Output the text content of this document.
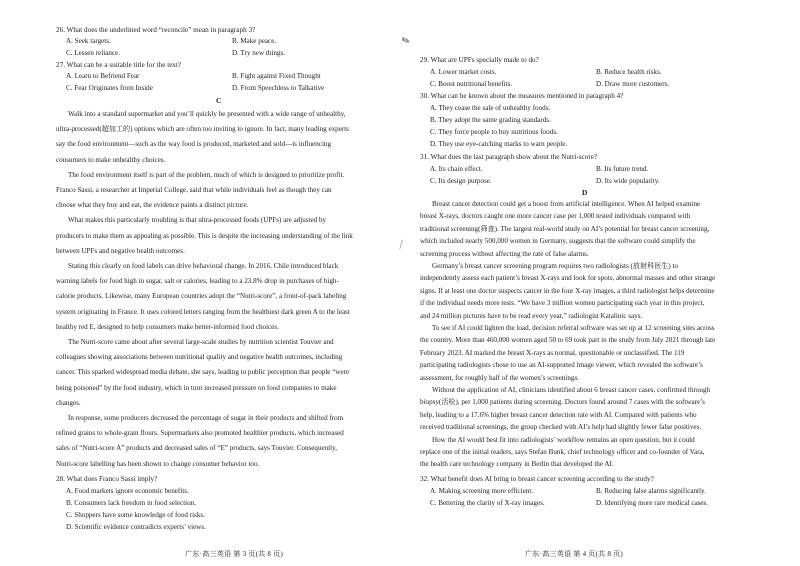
26. What does the underlined word “reconcile” mean in paragraph 3?
A. Seek targets.	B. Make peace.
C. Lessen reliance.	D. Try new things.
27. What can be a suitable title for the text?
A. Learn to Befriend Fear	B. Fight against Fixed Thought
C. Fear Originates from Inside	D. From Speechless to Talkative
C
Walk into a standard supermarket and you’ll quickly be presented with a wide range of unhealthy,
ultra-processed(超加工的) options which are often too inviting to ignore. In fact, many leading experts
say the food environment—such as the way food is produced, marketed and sold—is influencing
consumers to make unhealthy choices.
The food environment itself is part of the problem, much of which is designed to prioritize profit.
Franco Sassi, a researcher at Imperial College, said that while individuals feel as though they can
choose what they buy and eat, the evidence paints a distinct picture.
What makes this particularly troubling is that ultra-processed foods (UPFs) are adjusted by
producers to make them as appealing as possible. This is despite the increasing understanding of the link
between UPFs and negative health outcomes.
Stating this clearly on food labels can drive behavioral change. In 2016, Chile introduced black
warning labels for food high in sugar, salt or calories, leading to a 23.8% drop in purchases of high-
calorie products. Likewise, many European countries adopt the “Nutri-score”, a front-of-pack labeling
system originating in France. It uses colored letters ranging from the healthiest dark green A to the least
healthy red E, designed to help consumers make better-informed food choices.
The Nutri-score came about after several large-scale studies by nutrition scientist Touvier and
colleagues showing associations between nutritional quality and negative health outcomes, including
cancer. This sparked widespread media debate, she says, leading to public perception that people “were
being poisoned” by the food industry, which in turn increased pressure on food companies to make
changes.
In response, some producers decreased the percentage of sugar in their products and shifted from
refined grains to whole-grain flours. Supermarkets also promoted healthier products, which increased
sales of “Nutri-score A” products and decreased sales of “E” products, says Touvier. Consequently,
Nutri-score labelling has been shown to change consumer behavior too.
28. What does Franco Sassi imply?
A. Food markets ignore economic benefits.
B. Consumers lack freedom in food selection.
C. Shoppers have some knowledge of food risks.
D. Scientific evidence contradicts experts’ views.
广东·高三英语 第 3 页(共 8 页)
29. What are UPFs specially made to do?
A. Lower market costs.	B. Reduce health risks.
C. Boost nutritional benefits.	D. Draw more customers.
30. What can be known about the measures mentioned in paragraph 4?
A. They cease the sale of unhealthy foods.
B. They adopt the same grading standards.
C. They force people to buy nutritious foods.
D. They use eye-catching marks to warn people.
31. What does the last paragraph show about the Nutri-score?
A. Its chain effect.	B. Its future trend.
C. Its design purpose.	D. Its wide popularity.
D
Breast cancer detection could get a boost from artificial intelligence. When AI helped examine
breast X-rays, doctors caught one more cancer case per 1,000 tested individuals compared with
traditional screening(筛查). The largest real-world study on AI’s potential for breast cancer screening,
which included nearly 500,000 women in Germany, suggests that the software could simplify the
screening process without affecting the rate of false alarms.
Germany’s breast cancer screening program requires two radiologists (放射科医生) to
independently assess each patient’s breast X-rays and look for spots, abnormal masses and other strange
signs. If at least one doctor suspects cancer in the four X-ray images, a third radiologist helps determine
if the individual needs more tests. “We have 3 million women participating each year in this project,
and 24 million pictures have to be read every year,” radiologist Katalinic says.
To see if AI could lighten the load, decision referral software was set up at 12 screening sites across
the country. More than 460,000 women aged 50 to 69 took part in the study from July 2021 through late
February 2023. AI marked the breast X-rays as normal, questionable or unclassified. The 119
participating radiologists chose to use an AI-supported image viewer, which revealed the software’s
assessment, for roughly half of the women’s screenings.
Without the application of AI, clinicians identified about 6 breast cancer cases, confirmed through
biopsy(活检), per 1,000 patients during screening. Doctors found around 7 cases with the software’s
help, leading to a 17.6% higher breast cancer detection rate with AI. Compared with patients who
received traditional screenings, the group checked with AI’s help had slightly fewer false positives.
How the AI would best fit into radiologists’ workflow remains an open question, but it could
replace one of the initial readers, says Stefan Bunk, chief technology officer and co-founder of Vara,
the health care technology company in Berlin that developed the AI.
32. What benefit does AI bring to breast cancer screening according to the study?
A. Making screening more efficient.	B. Reducing false alarms significantly.
C. Bettering the clarity of X-ray images.	D. Identifying more rare medical cases.
广东·高三英语 第 4 页(共 8 页)
✎
⟋
